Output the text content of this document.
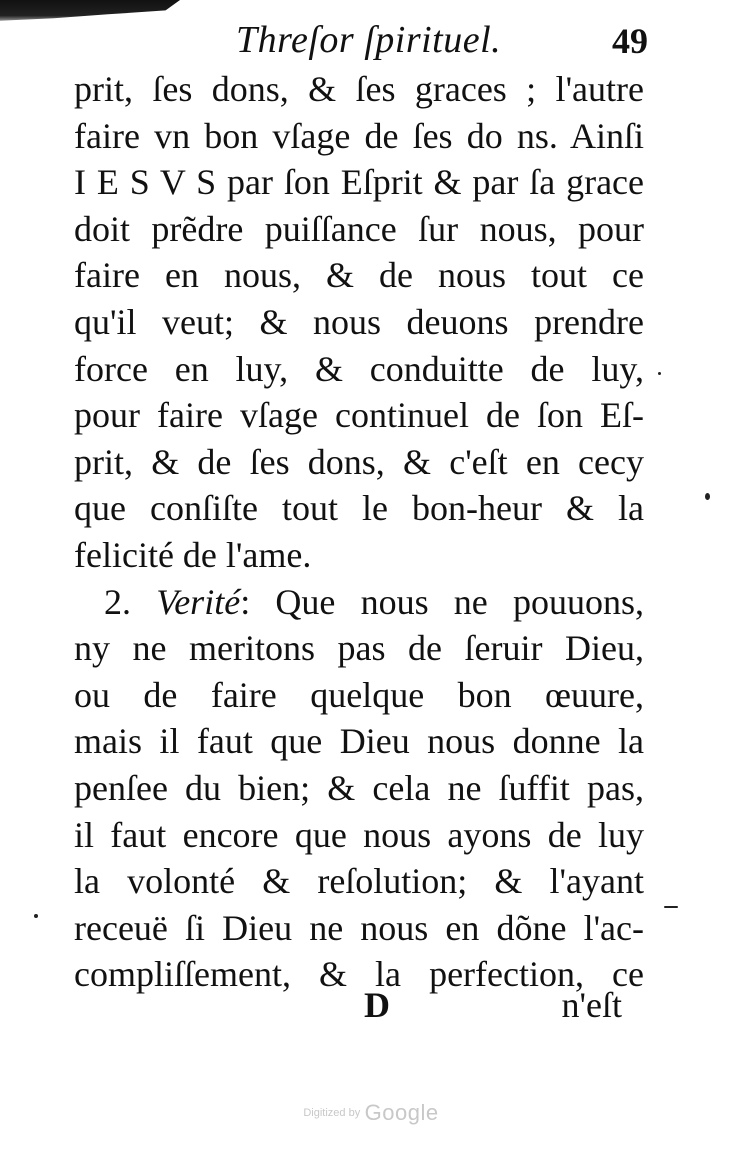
Threſor ſpirituel.	49
prit, ſes dons, & ſes graces ; l'autre
faire vn bon vſage de ſes do ns. Ainſi
I E S V S par ſon Eſprit & par ſa grace
doit prẽdre puiſſance ſur nous, pour
faire en nous, & de nous tout ce
qu'il veut; & nous deuons prendre
force en luy, & conduitte de luy,
pour faire vſage continuel de ſon Eſ-
prit, & de ſes dons, & c'eſt en cecy
que conſiſte tout le bon-heur & la
felicité de l'ame.
2. Verité: Que nous ne pouuons,
ny ne meritons pas de ſeruir Dieu,
ou de faire quelque bon œuure,
mais il faut que Dieu nous donne la
penſee du bien; & cela ne ſuffit pas,
il faut encore que nous ayons de luy
la volonté & reſolution; & l'ayant
receuë ſi Dieu ne nous en dõne l'ac-
compliſſement, & la perfection, ce
D	n'eſt
Digitized by Google
